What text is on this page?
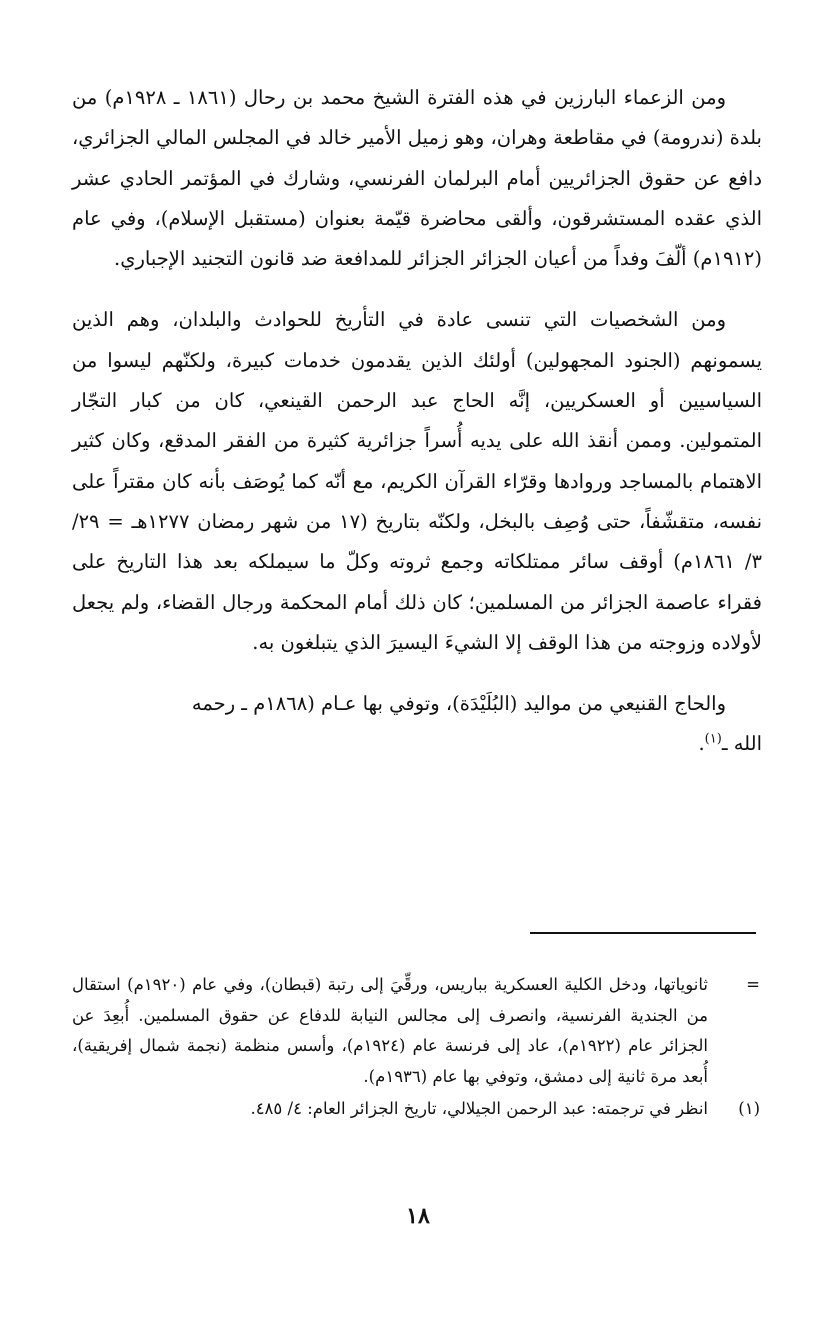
ومن الزعماء البارزين في هذه الفترة الشيخ محمد بن رحال (١٨٦١ ـ ١٩٢٨م) من بلدة (ندرومة) في مقاطعة وهران، وهو زميل الأمير خالد في المجلس المالي الجزائري، دافع عن حقوق الجزائريين أمام البرلمان الفرنسي، وشارك في المؤتمر الحادي عشر الذي عقده المستشرقون، وألقى محاضرة قيّمة بعنوان (مستقبل الإسلام)، وفي عام (١٩١٢م) ألّفَ وفداً من أعيان الجزائر الجزائر للمدافعة ضد قانون التجنيد الإجباري.

ومن الشخصيات التي تنسى عادة في التأريخ للحوادث والبلدان، وهم الذين يسمونهم (الجنود المجهولين) أولئك الذين يقدمون خدمات كبيرة، ولكنّهم ليسوا من السياسيين أو العسكريين، إنَّه الحاج عبد الرحمن القينعي، كان من كبار التجّار المتمولين. وممن أنقذ الله على يديه أُسراً جزائرية كثيرة من الفقر المدقع، وكان كثير الاهتمام بالمساجد وروادها وقرّاء القرآن الكريم، مع أنّه كما يُوصَف بأنه كان مقتراً على نفسه، متقشّفاً، حتى وُصِف بالبخل، ولكنّه بتاريخ (١٧ من شهر رمضان ١٢٧٧هـ = ٢٩/ ٣/ ١٨٦١م) أوقف سائر ممتلكاته وجمع ثروته وكلّ ما سيملكه بعد هذا التاريخ على فقراء عاصمة الجزائر من المسلمين؛ كان ذلك أمام المحكمة ورجال القضاء، ولم يجعل لأولاده وزوجته من هذا الوقف إلا الشيءَ اليسيرَ الذي يتبلغون به.

والحاج القنيعي من مواليد (البُلَيْدَة)، وتوفي بها عـام (١٨٦٨م ـ رحمه
الله ـ$^{(١)}$.

=
ثانوياتها، ودخل الكلية العسكرية بباريس، ورقِّيَ إلى رتبة (قبطان)، وفي عام (١٩٢٠م) استقال من الجندية الفرنسية، وانصرف إلى مجالس النيابة للدفاع عن حقوق المسلمين. أُبعِدَ عن الجزائر عام (١٩٢٢م)، عاد إلى فرنسة عام (١٩٢٤م)، وأسس منظمة (نجمة شمال إفريقية)، أُبعد مرة ثانية إلى دمشق، وتوفي بها عام (١٩٣٦م).
(١)
انظر في ترجمته: عبد الرحمن الجيلالي، تاريخ الجزائر العام: ٤/ ٤٨٥.
١٨
